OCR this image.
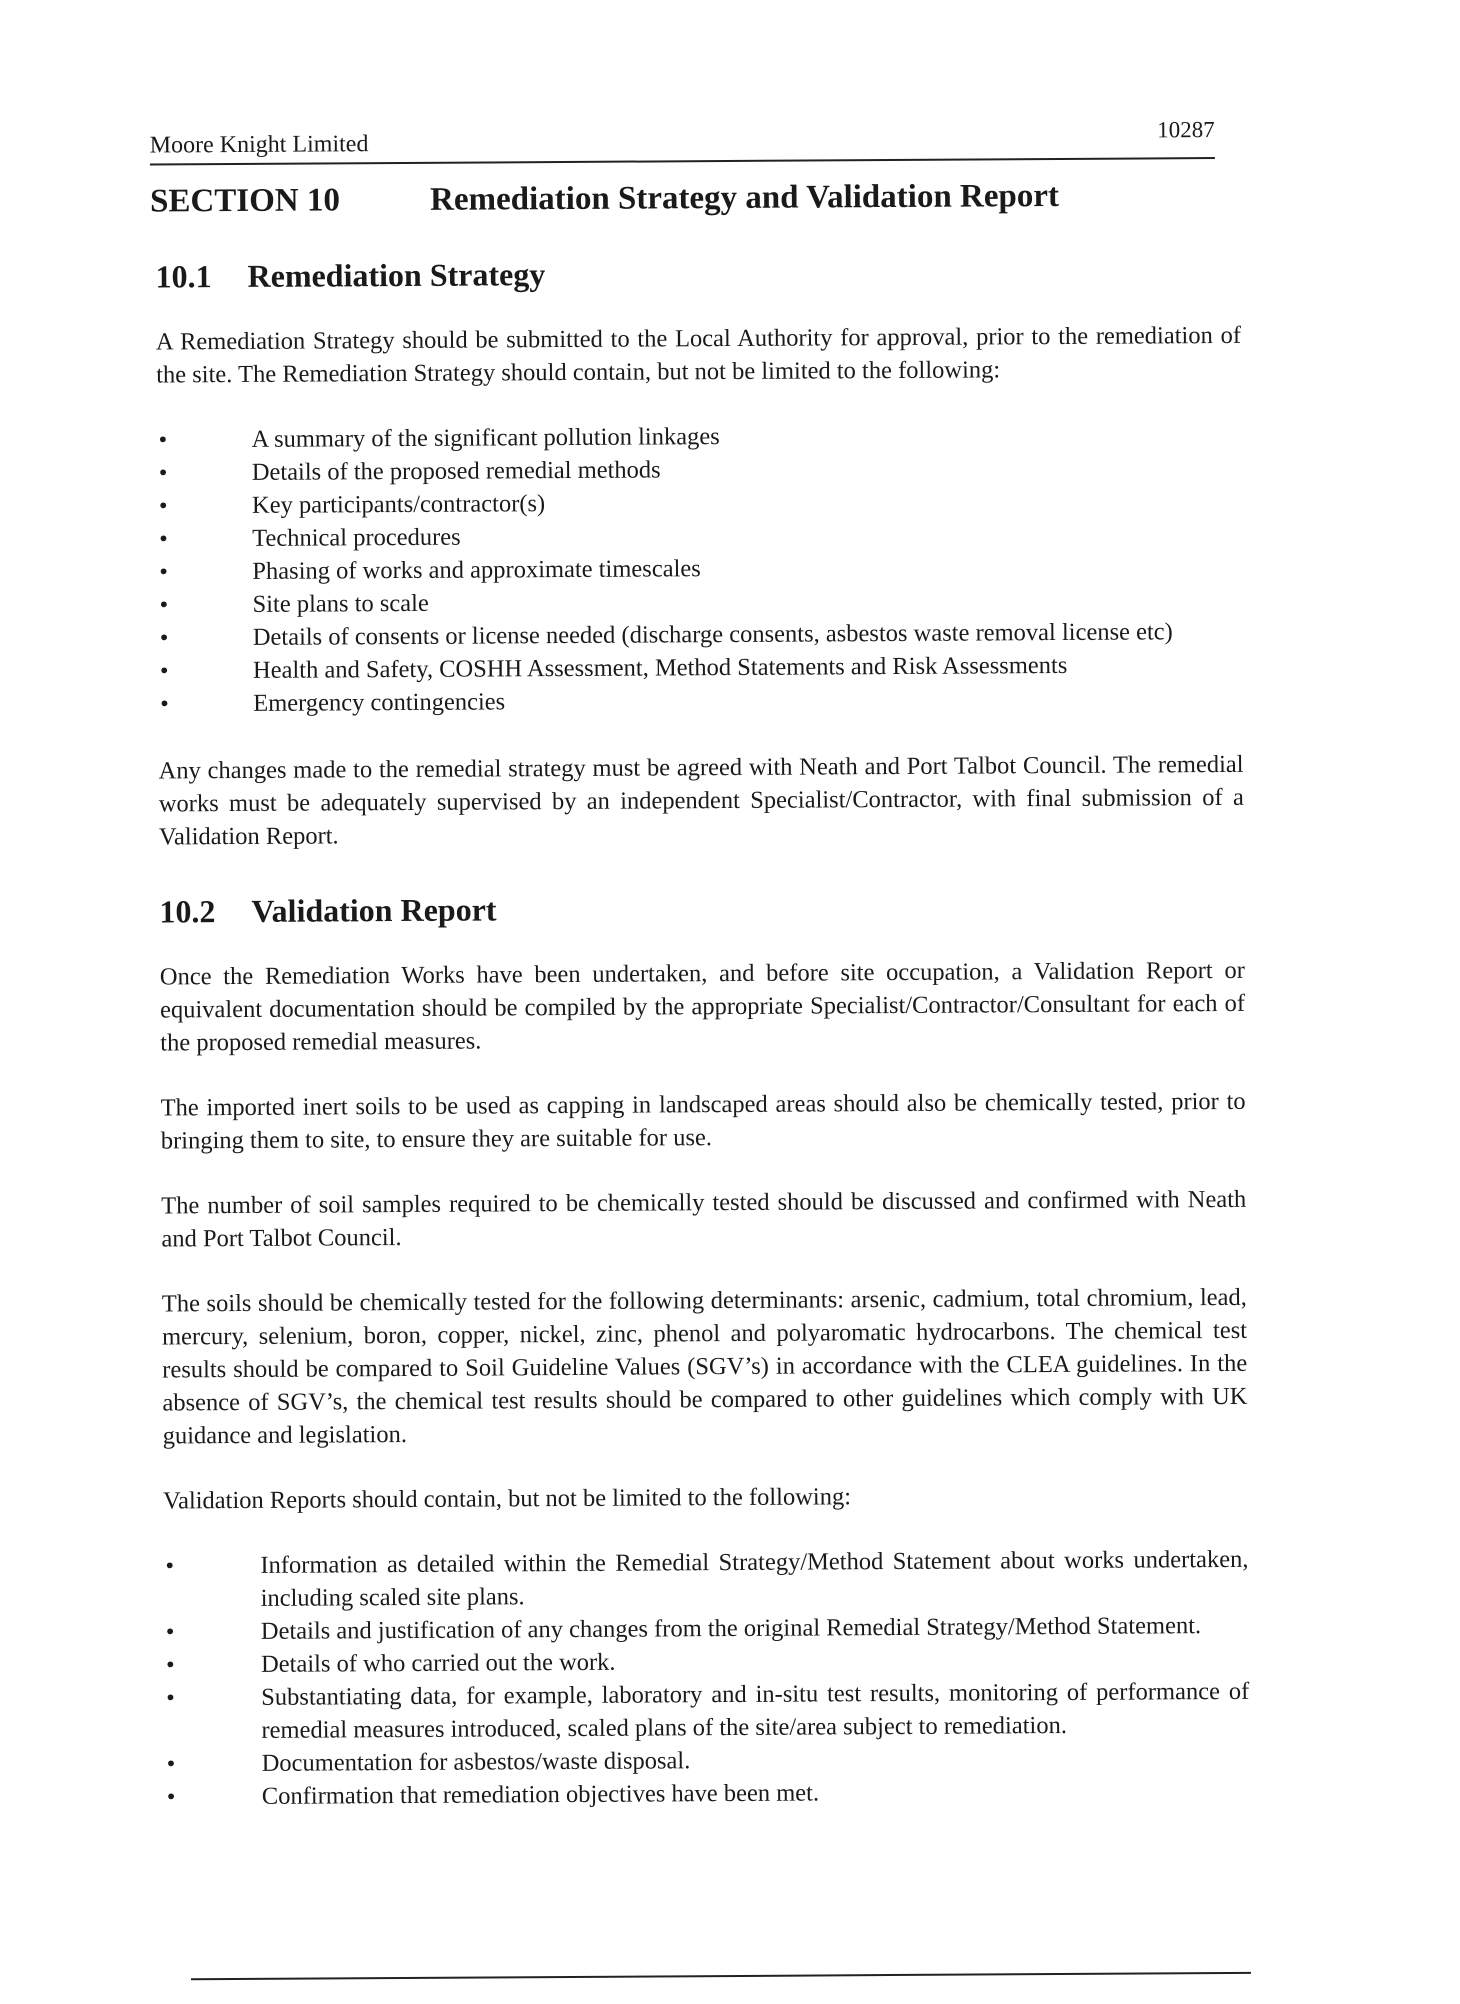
Moore Knight Limited
10287
SECTION 10	Remediation Strategy and Validation Report
10.1 Remediation Strategy

A Remediation Strategy should be submitted to the Local Authority for approval, prior to the remediation of the site. The Remediation Strategy should contain, but not be limited to the following:

•	A summary of the significant pollution linkages
•	Details of the proposed remedial methods
•	Key participants/contractor(s)
•	Technical procedures
•	Phasing of works and approximate timescales
•	Site plans to scale
•	Details of consents or license needed (discharge consents, asbestos waste removal license etc)
•	Health and Safety, COSHH Assessment, Method Statements and Risk Assessments
•	Emergency contingencies

Any changes made to the remedial strategy must be agreed with Neath and Port Talbot Council. The remedial works must be adequately supervised by an independent Specialist/Contractor, with final submission of a Validation Report.

10.2 Validation Report

Once the Remediation Works have been undertaken, and before site occupation, a Validation Report or equivalent documentation should be compiled by the appropriate Specialist/Contractor/Consultant for each of the proposed remedial measures.

The imported inert soils to be used as capping in landscaped areas should also be chemically tested, prior to bringing them to site, to ensure they are suitable for use.

The number of soil samples required to be chemically tested should be discussed and confirmed with Neath and Port Talbot Council.

The soils should be chemically tested for the following determinants: arsenic, cadmium, total chromium, lead, mercury, selenium, boron, copper, nickel, zinc, phenol and polyaromatic hydrocarbons. The chemical test results should be compared to Soil Guideline Values (SGV’s) in accordance with the CLEA guidelines. In the absence of SGV’s, the chemical test results should be compared to other guidelines which comply with UK guidance and legislation.

Validation Reports should contain, but not be limited to the following:

•	Information as detailed within the Remedial Strategy/Method Statement about works undertaken, including scaled site plans.
•	Details and justification of any changes from the original Remedial Strategy/Method Statement.
•	Details of who carried out the work.
•	Substantiating data, for example, laboratory and in-situ test results, monitoring of performance of remedial measures introduced, scaled plans of the site/area subject to remediation.
•	Documentation for asbestos/waste disposal.
•	Confirmation that remediation objectives have been met.
